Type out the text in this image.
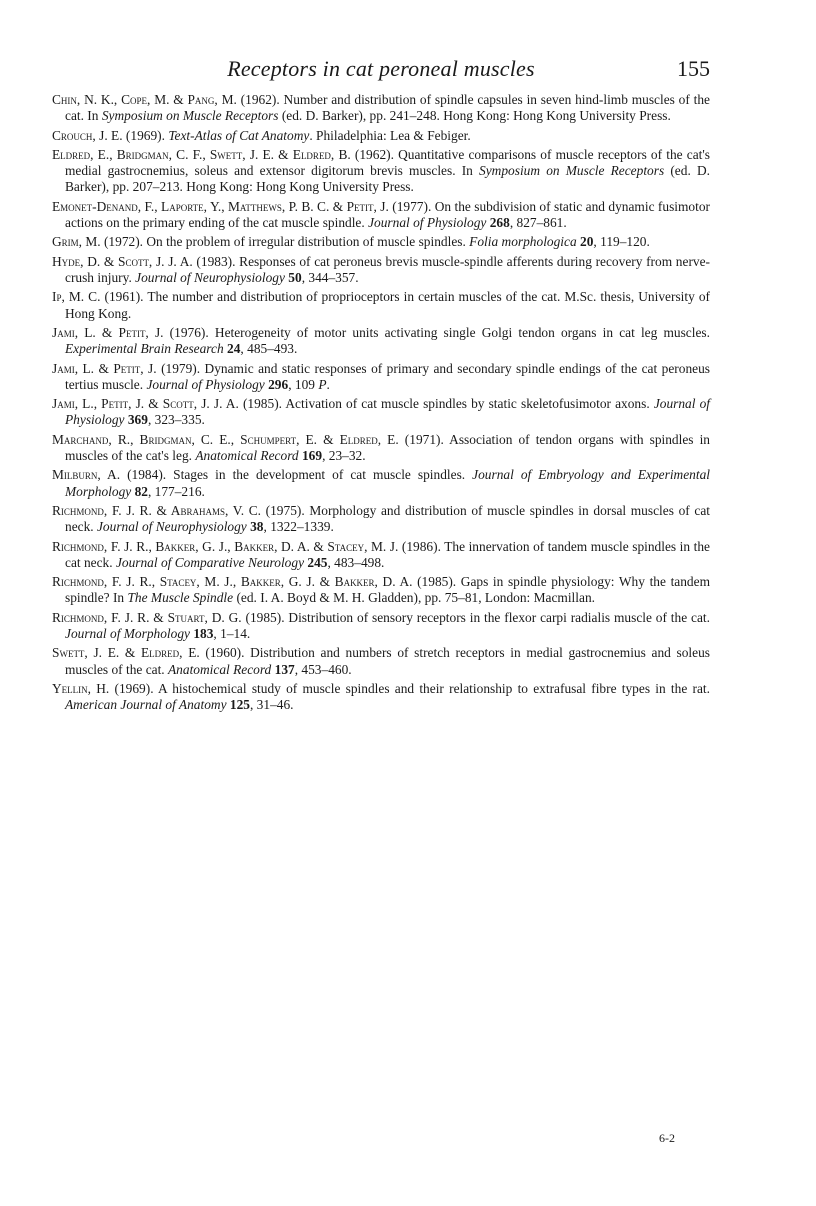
Receptors in cat peroneal muscles	155

Chin, N. K., Cope, M. & Pang, M. (1962). Number and distribution of spindle capsules in seven hind-limb muscles of the cat. In Symposium on Muscle Receptors (ed. D. Barker), pp. 241–248. Hong Kong: Hong Kong University Press.

Crouch, J. E. (1969). Text-Atlas of Cat Anatomy. Philadelphia: Lea & Febiger.

Eldred, E., Bridgman, C. F., Swett, J. E. & Eldred, B. (1962). Quantitative comparisons of muscle receptors of the cat's medial gastrocnemius, soleus and extensor digitorum brevis muscles. In Symposium on Muscle Receptors (ed. D. Barker), pp. 207–213. Hong Kong: Hong Kong University Press.

Emonet-Denand, F., Laporte, Y., Matthews, P. B. C. & Petit, J. (1977). On the subdivision of static and dynamic fusimotor actions on the primary ending of the cat muscle spindle. Journal of Physiology 268, 827–861.

Grim, M. (1972). On the problem of irregular distribution of muscle spindles. Folia morphologica 20, 119–120.

Hyde, D. & Scott, J. J. A. (1983). Responses of cat peroneus brevis muscle-spindle afferents during recovery from nerve-crush injury. Journal of Neurophysiology 50, 344–357.

Ip, M. C. (1961). The number and distribution of proprioceptors in certain muscles of the cat. M.Sc. thesis, University of Hong Kong.

Jami, L. & Petit, J. (1976). Heterogeneity of motor units activating single Golgi tendon organs in cat leg muscles. Experimental Brain Research 24, 485–493.

Jami, L. & Petit, J. (1979). Dynamic and static responses of primary and secondary spindle endings of the cat peroneus tertius muscle. Journal of Physiology 296, 109 P.

Jami, L., Petit, J. & Scott, J. J. A. (1985). Activation of cat muscle spindles by static skeletofusimotor axons. Journal of Physiology 369, 323–335.

Marchand, R., Bridgman, C. E., Schumpert, E. & Eldred, E. (1971). Association of tendon organs with spindles in muscles of the cat's leg. Anatomical Record 169, 23–32.

Milburn, A. (1984). Stages in the development of cat muscle spindles. Journal of Embryology and Experimental Morphology 82, 177–216.

Richmond, F. J. R. & Abrahams, V. C. (1975). Morphology and distribution of muscle spindles in dorsal muscles of cat neck. Journal of Neurophysiology 38, 1322–1339.

Richmond, F. J. R., Bakker, G. J., Bakker, D. A. & Stacey, M. J. (1986). The innervation of tandem muscle spindles in the cat neck. Journal of Comparative Neurology 245, 483–498.

Richmond, F. J. R., Stacey, M. J., Bakker, G. J. & Bakker, D. A. (1985). Gaps in spindle physiology: Why the tandem spindle? In The Muscle Spindle (ed. I. A. Boyd & M. H. Gladden), pp. 75–81, London: Macmillan.

Richmond, F. J. R. & Stuart, D. G. (1985). Distribution of sensory receptors in the flexor carpi radialis muscle of the cat. Journal of Morphology 183, 1–14.

Swett, J. E. & Eldred, E. (1960). Distribution and numbers of stretch receptors in medial gastrocnemius and soleus muscles of the cat. Anatomical Record 137, 453–460.

Yellin, H. (1969). A histochemical study of muscle spindles and their relationship to extrafusal fibre types in the rat. American Journal of Anatomy 125, 31–46.

6-2
